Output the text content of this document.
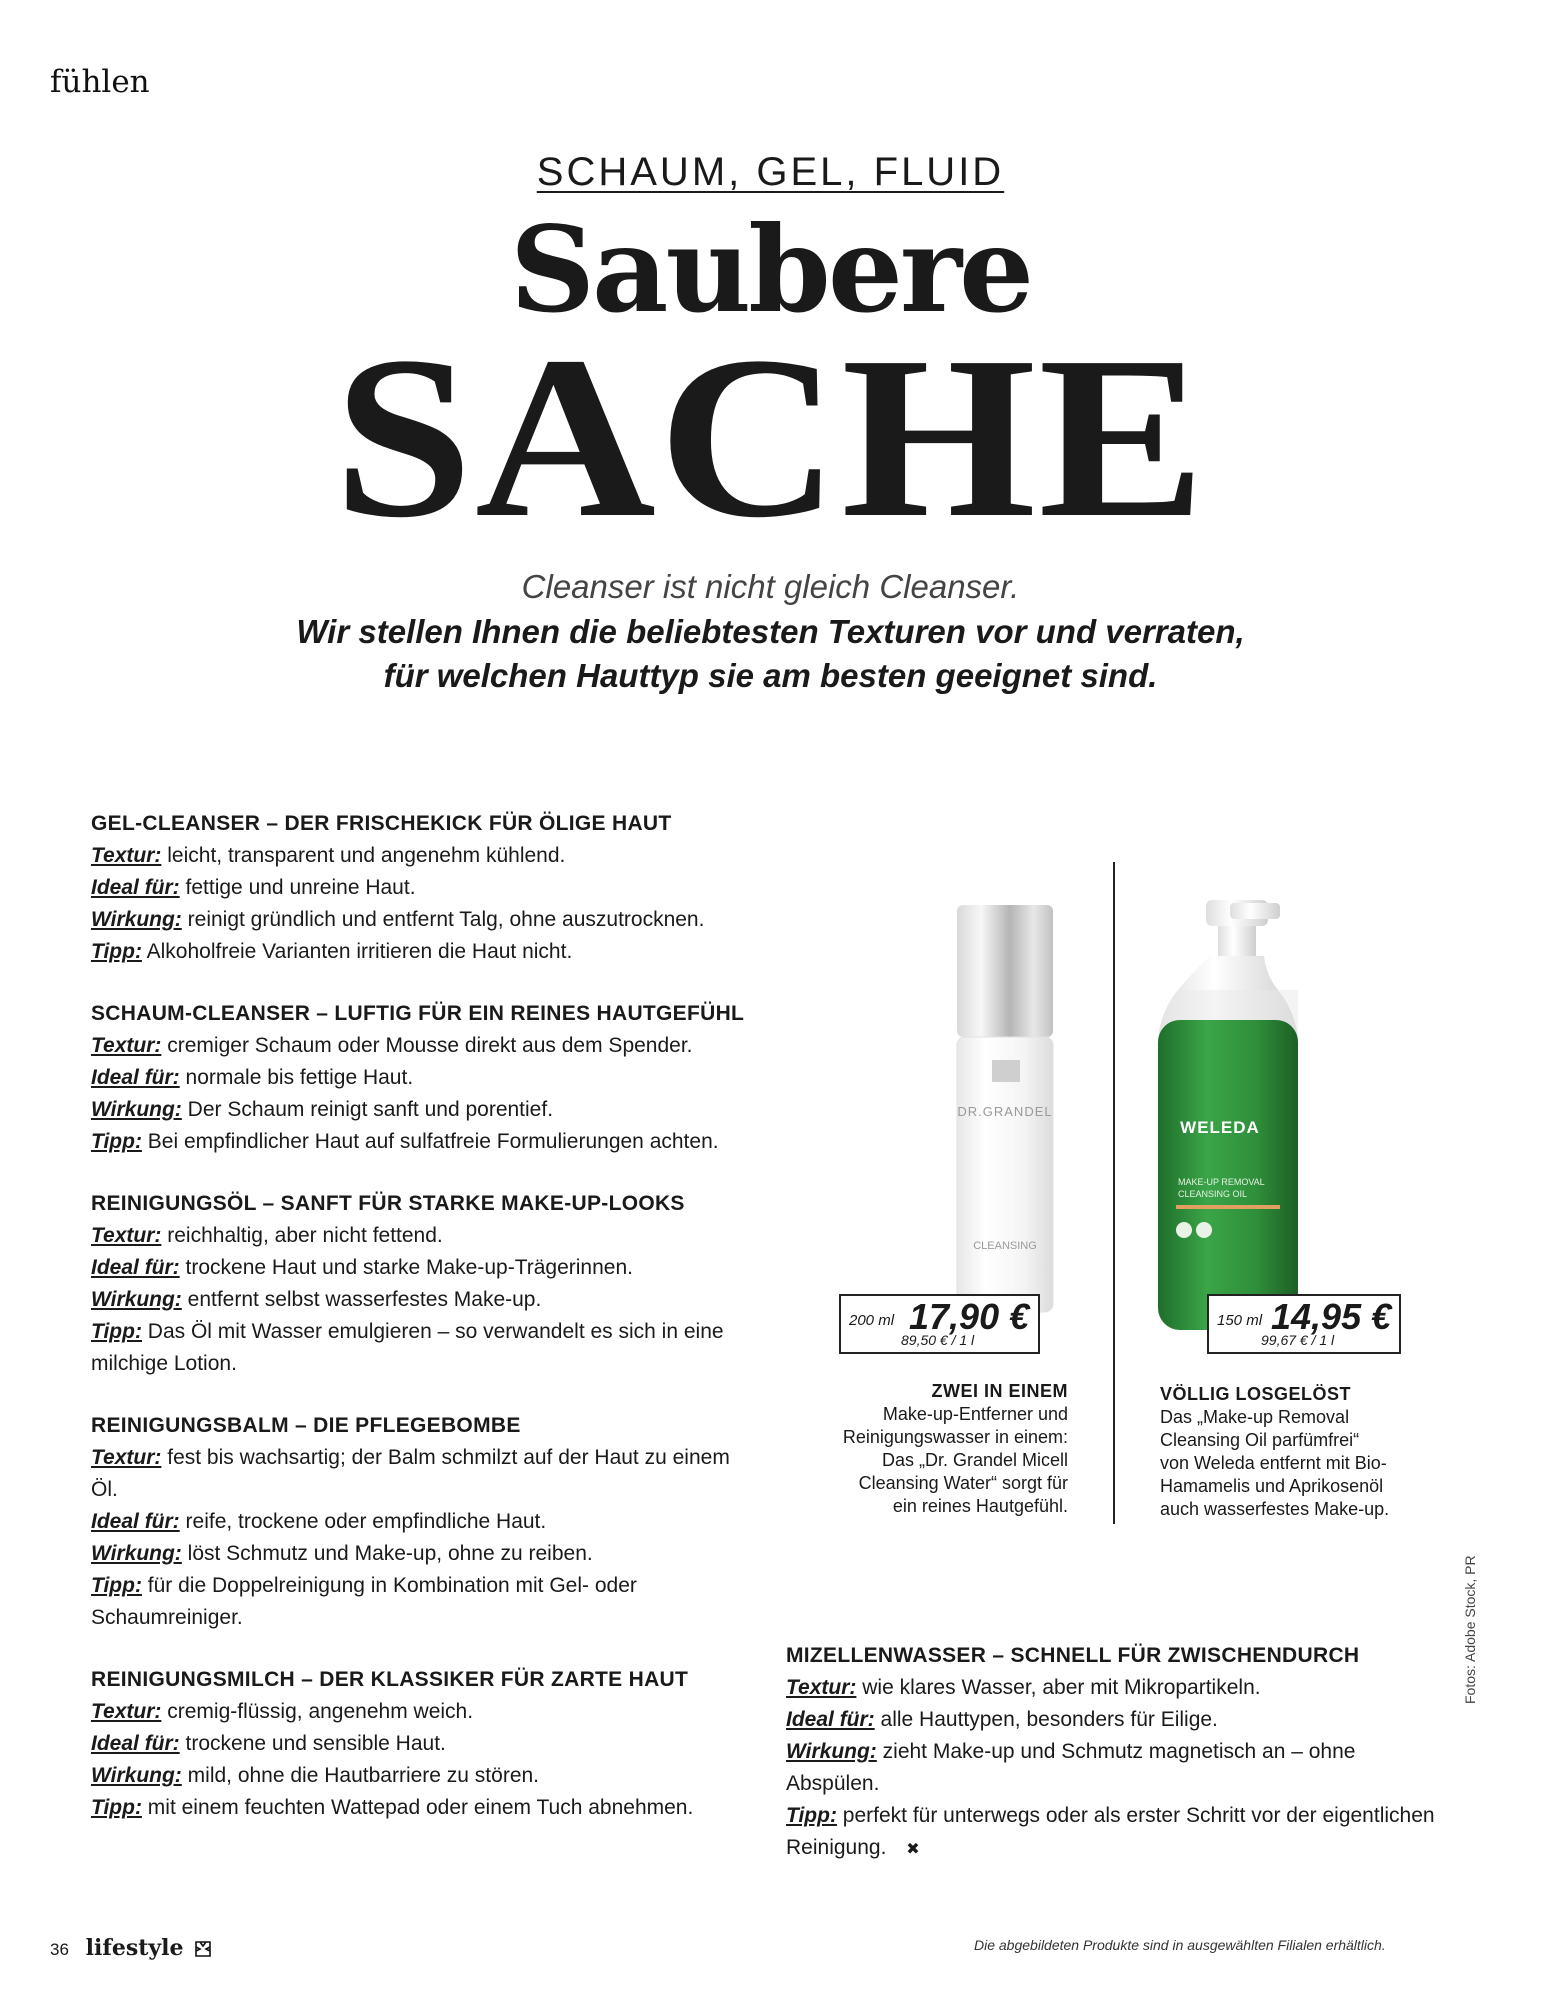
fühlen
SCHAUM, GEL, FLUID
Saubere
SACHE
Cleanser ist nicht gleich Cleanser.
Wir stellen Ihnen die beliebtesten Texturen vor und verraten,
für welchen Hauttyp sie am besten geeignet sind.
GEL-CLEANSER – DER FRISCHEKICK FÜR ÖLIGE HAUT

Textur: leicht, transparent und angenehm kühlend.

Ideal für: fettige und unreine Haut.

Wirkung: reinigt gründlich und entfernt Talg, ohne auszutrocknen.

Tipp: Alkoholfreie Varianten irritieren die Haut nicht.

SCHAUM-CLEANSER – LUFTIG FÜR EIN REINES HAUTGEFÜHL

Textur: cremiger Schaum oder Mousse direkt aus dem Spender.

Ideal für: normale bis fettige Haut.

Wirkung: Der Schaum reinigt sanft und porentief.

Tipp: Bei empfindlicher Haut auf sulfatfreie Formulierungen achten.

REINIGUNGSÖL – SANFT FÜR STARKE MAKE-UP-LOOKS

Textur: reichhaltig, aber nicht fettend.

Ideal für: trockene Haut und starke Make-up-Trägerinnen.

Wirkung: entfernt selbst wasserfestes Make-up.

Tipp: Das Öl mit Wasser emulgieren – so verwandelt es sich in eine milchige Lotion.

REINIGUNGSBALM – DIE PFLEGEBOMBE

Textur: fest bis wachsartig; der Balm schmilzt auf der Haut zu einem Öl.

Ideal für: reife, trockene oder empfindliche Haut.

Wirkung: löst Schmutz und Make-up, ohne zu reiben.

Tipp: für die Doppelreinigung in Kombination mit Gel- oder Schaumreiniger.

REINIGUNGSMILCH – DER KLASSIKER FÜR ZARTE HAUT

Textur: cremig-flüssig, angenehm weich.

Ideal für: trockene und sensible Haut.

Wirkung: mild, ohne die Hautbarriere zu stören.

Tipp: mit einem feuchten Wattepad oder einem Tuch abnehmen.

DR.GRANDEL
CLEANSING
WELEDA
MAKE-UP REMOVAL CLEANSING OIL
200 ml 17,90 €
89,50 € / 1 l
150 ml 14,95 €
99,67 € / 1 l
ZWEI IN EINEM

Make-up-Entferner und

Reinigungswasser in einem:

Das „Dr. Grandel Micell

Cleansing Water“ sorgt für

ein reines Hautgefühl.

VÖLLIG LOSGELÖST

Das „Make-up Removal

Cleansing Oil parfümfrei“

von Weleda entfernt mit Bio-

Hamamelis und Aprikosenöl

auch wasserfestes Make-up.

MIZELLENWASSER – SCHNELL FÜR ZWISCHENDURCH

Textur: wie klares Wasser, aber mit Mikropartikeln.

Ideal für: alle Hauttypen, besonders für Eilige.

Wirkung: zieht Make-up und Schmutz magnetisch an – ohne Abspülen.

Tipp: perfekt für unterwegs oder als erster Schritt vor der eigentlichen Reinigung. ✖

Fotos: Adobe Stock, PR
36 lifestyle	Die abgebildeten Produkte sind in ausgewählten Filialen erhältlich.
